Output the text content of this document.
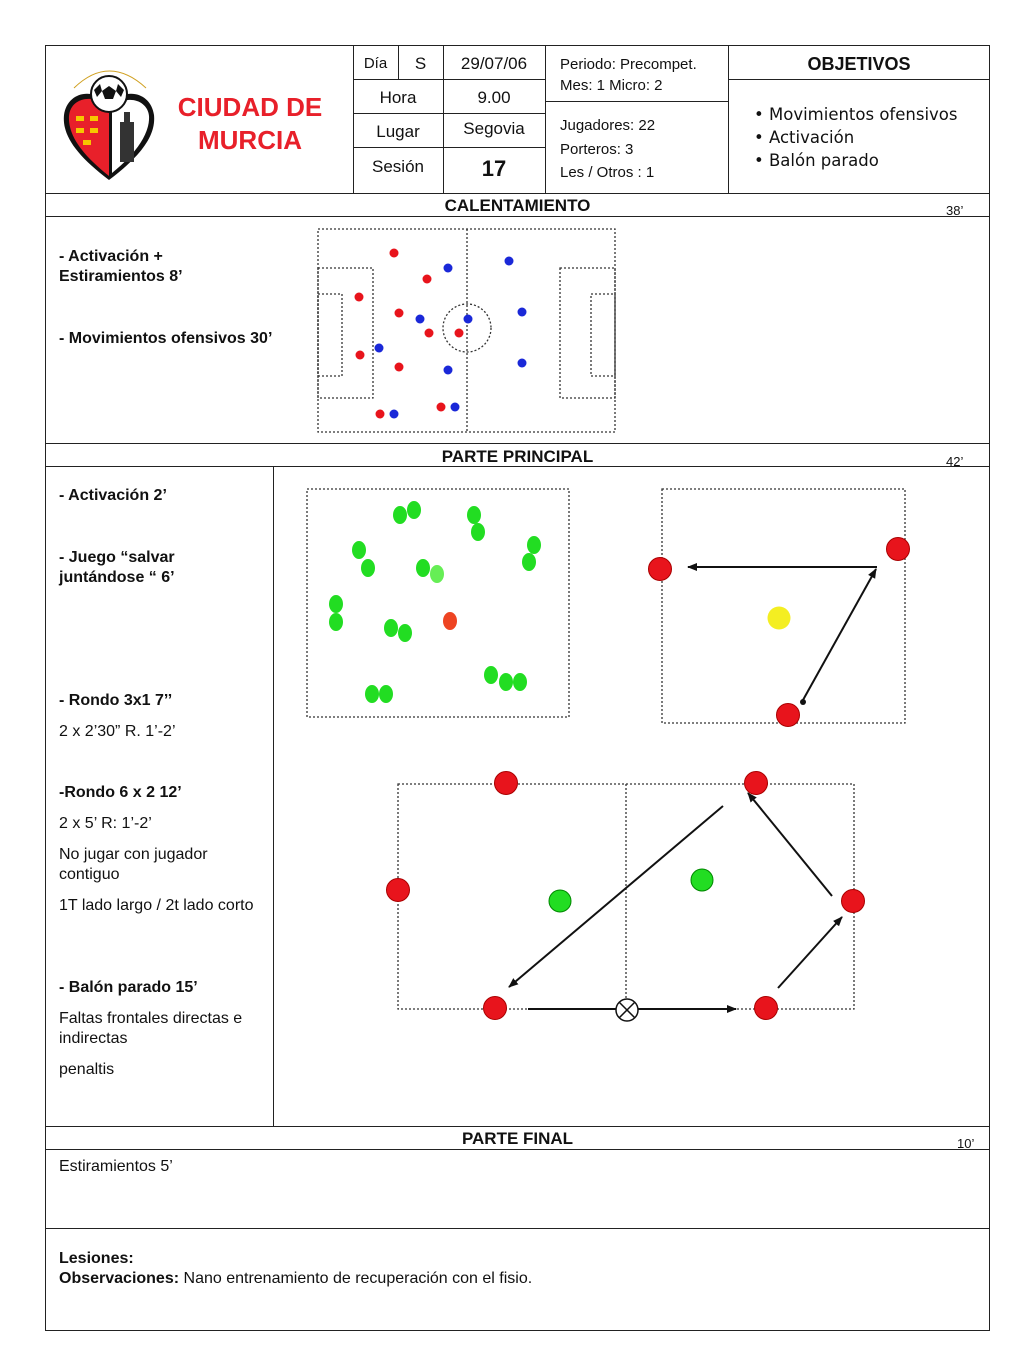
CIUDAD DE
MURCIA
Día	S	29/07/06
Hora	9.00
Lugar	Segovia
Sesión	17
Periodo: Precompet.
Mes: 1 Micro: 2
Jugadores: 22
Porteros: 3
Les / Otros : 1
OBJETIVOS
• Movimientos ofensivos
• Activación
• Balón parado
CALENTAMIENTO	38’
- Activación + Estiramientos 8’
- Movimientos ofensivos 30’
PARTE PRINCIPAL	42’
- Activación 2’
- Juego “salvar juntándose “ 6’
- Rondo 3x1 7’’
2 x 2’30” R. 1’-2’
-Rondo 6 x 2 12’
2 x 5’ R: 1’-2’
No jugar con jugador contiguo
1T lado largo / 2t lado corto
- Balón parado 15’
Faltas frontales directas e indirectas
penaltis
PARTE FINAL	10’
Estiramientos 5’
Lesiones:
Observaciones: Nano entrenamiento de recuperación con el fisio.
